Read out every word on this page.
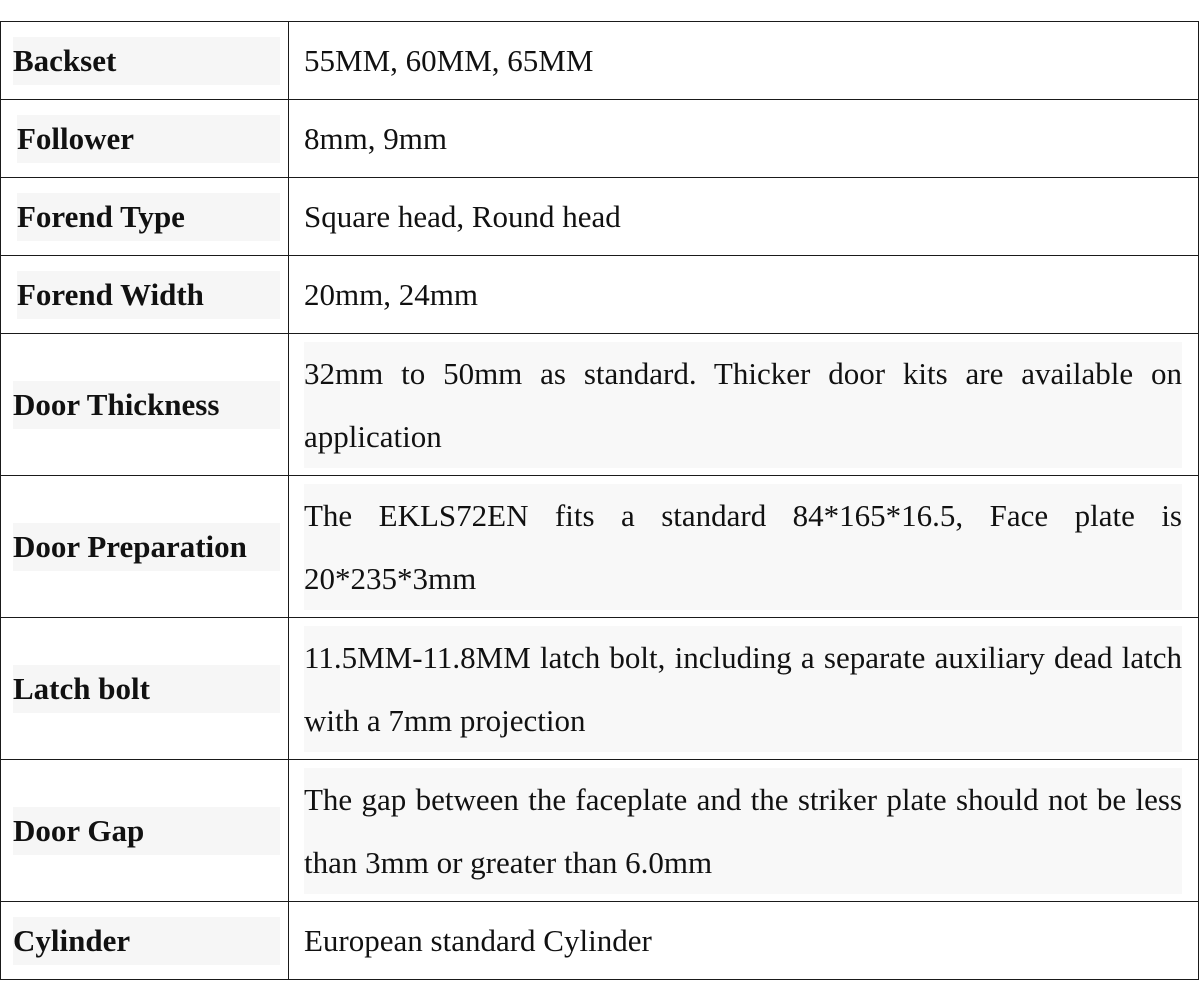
Backset	55MM, 60MM, 65MM

Follower	8mm, 9mm

Forend Type	Square head, Round head

Forend Width	20mm, 24mm

Door Thickness	32mm to 50mm as standard. Thicker door kits are available on application

Door Preparation	The EKLS72EN fits a standard 84*165*16.5, Face plate is 20*235*3mm

Latch bolt	11.5MM-11.8MM latch bolt, including a separate auxiliary dead latch with a 7mm projection

Door Gap	The gap between the faceplate and the striker plate should not be less than 3mm or greater than 6.0mm

Cylinder	European standard Cylinder
